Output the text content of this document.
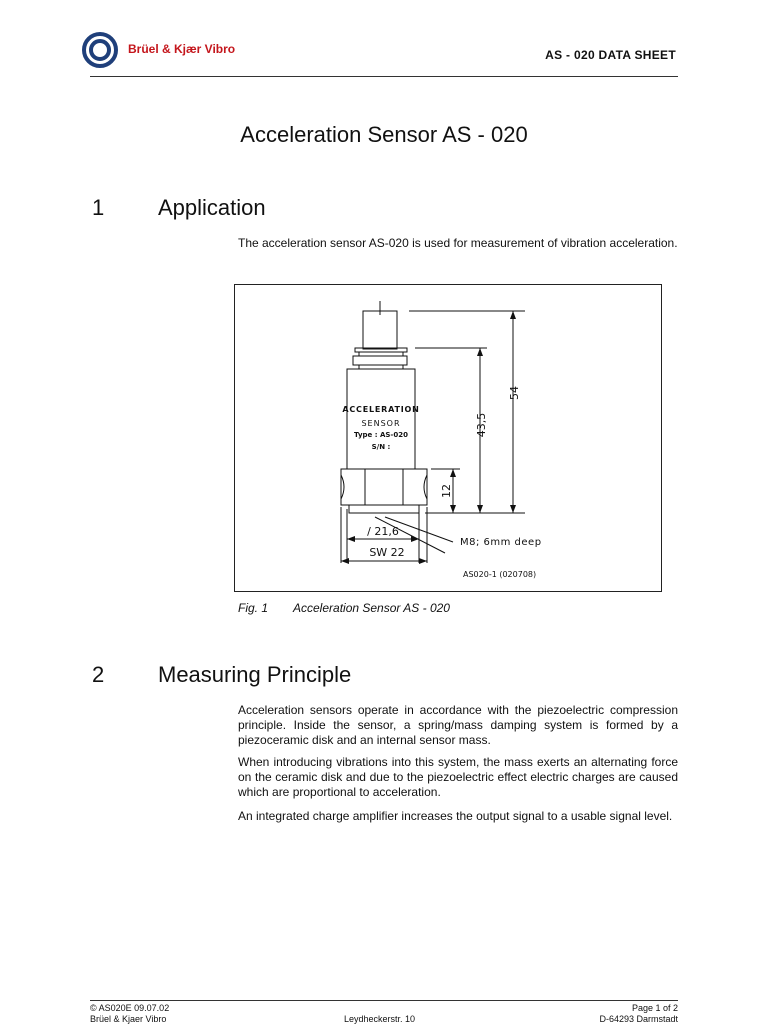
Brüel & Kjær Vibro	AS - 020 DATA SHEET
Acceleration Sensor AS - 020
1 Application
The acceleration sensor AS-020 is used for measurement of vibration acceleration.
ACCELERATION
SENSOR
Type : AS-020
S/N :
54
43,5
12
/ 21,6
SW 22
M8; 6mm deep
AS020-1 (020708)
Fig. 1 Acceleration Sensor AS - 020
2 Measuring Principle
Acceleration sensors operate in accordance with the piezoelectric compression principle. Inside the sensor, a spring/mass damping system is formed by a piezoceramic disk and an internal sensor mass.
When introducing vibrations into this system, the mass exerts an alternating force on the ceramic disk and due to the piezoelectric effect electric charges are caused which are proportional to acceleration.
An integrated charge amplifier increases the output signal to a usable signal level.
© AS020E 09.07.02
Brüel & Kjaer Vibro	Leydheckerstr. 10
Page 1 of 2
D-64293 Darmstadt
